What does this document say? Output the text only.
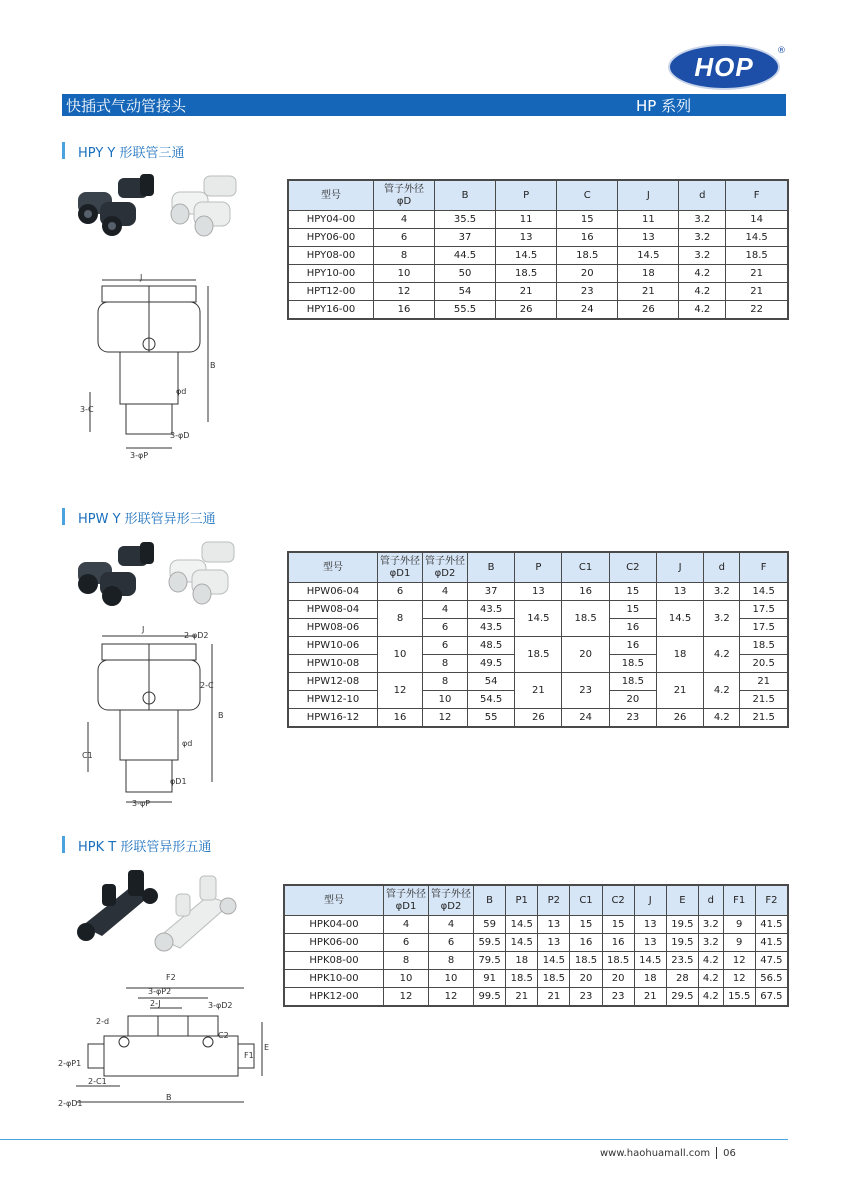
HOP
®
快插式气动管接头	HP 系列
HPY Y 形联管三通
J
B
φd
3-C
3-φD
3-φP
型号	管子外径 φD	B	P	C	J	d	F
HPY04-00	4	35.5	11	15	11	3.2	14
HPY06-00	6	37	13	16	13	3.2	14.5
HPY08-00	8	44.5	14.5	18.5	14.5	3.2	18.5
HPY10-00	10	50	18.5	20	18	4.2	21
HPT12-00	12	54	21	23	21	4.2	21
HPY16-00	16	55.5	26	24	26	4.2	22
HPW Y 形联管异形三通
J
2-φD2
2-C
B
φd
C1
φD1
3-φP
型号	管子外径 φD1	管子外径 φD2	B	P	C1	C2	J	d	F
HPW06-04	6	4	37	13	16	15	13	3.2	14.5
HPW08-04	8	4	43.5	14.5	18.5	15	14.5	3.2	17.5
HPW08-06		6	43.5			16			17.5
HPW10-06	10	6	48.5	18.5	20	16	18	4.2	18.5
HPW10-08		8	49.5			18.5			20.5
HPW12-08	12	8	54	21	23	18.5	21	4.2	21
HPW12-10		10	54.5			20			21.5
HPW16-12	16	12	55	26	24	23	26	4.2	21.5
HPK T 形联管异形五通
F2
3-φP2
2-J	3-φD2
2-d
C2
E
F1
2-φP1
2-C1
2-φD1
B
型号	管子外径 φD1	管子外径 φD2	B	P1	P2	C1	C2	J	E	d	F1	F2
HPK04-00	4	4	59	14.5	13	15	15	13	19.5	3.2	9	41.5
HPK06-00	6	6	59.5	14.5	13	16	16	13	19.5	3.2	9	41.5
HPK08-00	8	8	79.5	18	14.5	18.5	18.5	14.5	23.5	4.2	12	47.5
HPK10-00	10	10	91	18.5	18.5	20	20	18	28	4.2	12	56.5
HPK12-00	12	12	99.5	21	21	23	23	21	29.5	4.2	15.5	67.5
www.haohuamall.com 06
